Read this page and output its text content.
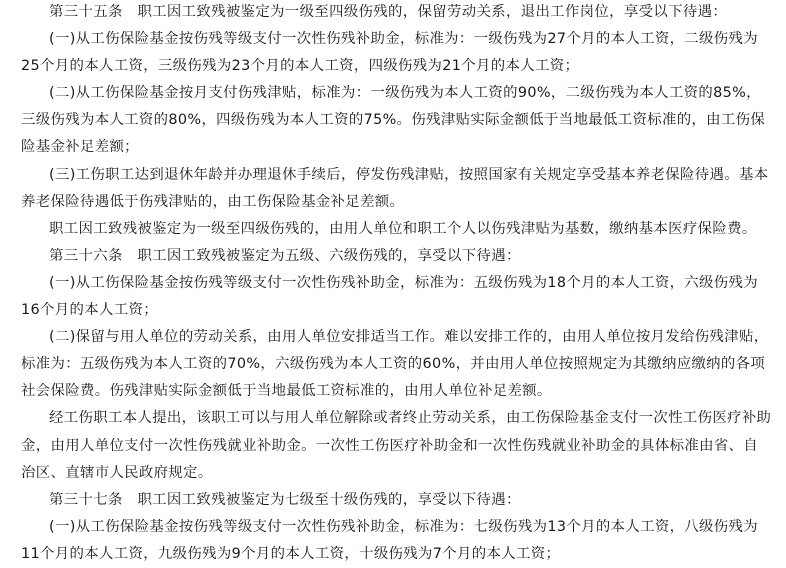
第三十五条　职工因工致残被鉴定为一级至四级伤残的，保留劳动关系，退出工作岗位，享受以下待遇：

(一)从工伤保险基金按伤残等级支付一次性伤残补助金，标准为：一级伤残为27个月的本人工资，二级伤残为25个月的本人工资，三级伤残为23个月的本人工资，四级伤残为21个月的本人工资；

(二)从工伤保险基金按月支付伤残津贴，标准为：一级伤残为本人工资的90%，二级伤残为本人工资的85%，三级伤残为本人工资的80%，四级伤残为本人工资的75%。伤残津贴实际金额低于当地最低工资标准的，由工伤保险基金补足差额；

(三)工伤职工达到退休年龄并办理退休手续后，停发伤残津贴，按照国家有关规定享受基本养老保险待遇。基本养老保险待遇低于伤残津贴的，由工伤保险基金补足差额。

职工因工致残被鉴定为一级至四级伤残的，由用人单位和职工个人以伤残津贴为基数，缴纳基本医疗保险费。

第三十六条　职工因工致残被鉴定为五级、六级伤残的，享受以下待遇：

(一)从工伤保险基金按伤残等级支付一次性伤残补助金，标准为：五级伤残为18个月的本人工资，六级伤残为16个月的本人工资；

(二)保留与用人单位的劳动关系，由用人单位安排适当工作。难以安排工作的，由用人单位按月发给伤残津贴，标准为：五级伤残为本人工资的70%，六级伤残为本人工资的60%，并由用人单位按照规定为其缴纳应缴纳的各项社会保险费。伤残津贴实际金额低于当地最低工资标准的，由用人单位补足差额。

经工伤职工本人提出，该职工可以与用人单位解除或者终止劳动关系，由工伤保险基金支付一次性工伤医疗补助金，由用人单位支付一次性伤残就业补助金。一次性工伤医疗补助金和一次性伤残就业补助金的具体标准由省、自治区、直辖市人民政府规定。

第三十七条　职工因工致残被鉴定为七级至十级伤残的，享受以下待遇：

(一)从工伤保险基金按伤残等级支付一次性伤残补助金，标准为：七级伤残为13个月的本人工资，八级伤残为11个月的本人工资，九级伤残为9个月的本人工资，十级伤残为7个月的本人工资；
